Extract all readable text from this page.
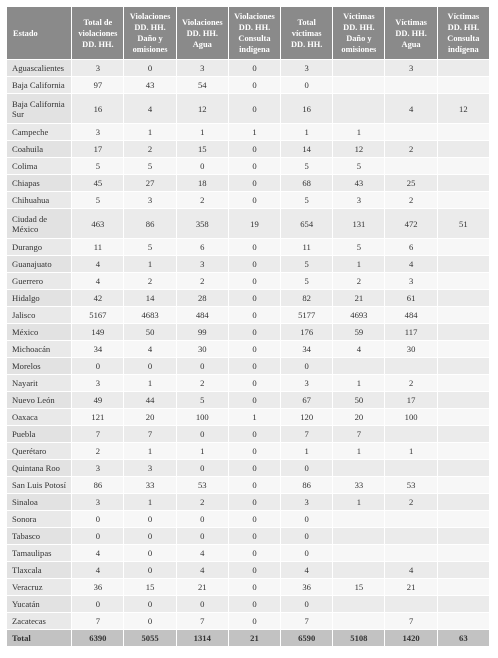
Estado	Total de
violaciones
DD. HH.	Violaciones
DD. HH.
Daño y
omisiones	Violaciones
DD. HH.
Agua	Violaciones
DD. HH.
Consulta
indígena	Total
víctimas
DD. HH.	Víctimas
DD. HH.
Daño y
omisiones	Víctimas
DD. HH.
Agua	Víctimas
DD. HH.
Consulta
indígena
Aguascalientes	3	0	3	0	3		3	
Baja California	97	43	54	0	0			
Baja California
Sur	16	4	12	0	16		4	12
Campeche	3	1	1	1	1	1		
Coahuila	17	2	15	0	14	12	2	
Colima	5	5	0	0	5	5		
Chiapas	45	27	18	0	68	43	25	
Chihuahua	5	3	2	0	5	3	2	
Ciudad de
México	463	86	358	19	654	131	472	51
Durango	11	5	6	0	11	5	6	
Guanajuato	4	1	3	0	5	1	4	
Guerrero	4	2	2	0	5	2	3	
Hidalgo	42	14	28	0	82	21	61	
Jalisco	5167	4683	484	0	5177	4693	484	
México	149	50	99	0	176	59	117	
Michoacán	34	4	30	0	34	4	30	
Morelos	0	0	0	0	0			
Nayarit	3	1	2	0	3	1	2	
Nuevo León	49	44	5	0	67	50	17	
Oaxaca	121	20	100	1	120	20	100	
Puebla	7	7	0	0	7	7		
Querétaro	2	1	1	0	1	1	1	
Quintana Roo	3	3	0	0	0			
San Luis Potosí	86	33	53	0	86	33	53	
Sinaloa	3	1	2	0	3	1	2	
Sonora	0	0	0	0	0			
Tabasco	0	0	0	0	0			
Tamaulipas	4	0	4	0	0			
Tlaxcala	4	0	4	0	4		4	
Veracruz	36	15	21	0	36	15	21	
Yucatán	0	0	0	0	0			
Zacatecas	7	0	7	0	7		7	
Total	6390	5055	1314	21	6590	5108	1420	63
